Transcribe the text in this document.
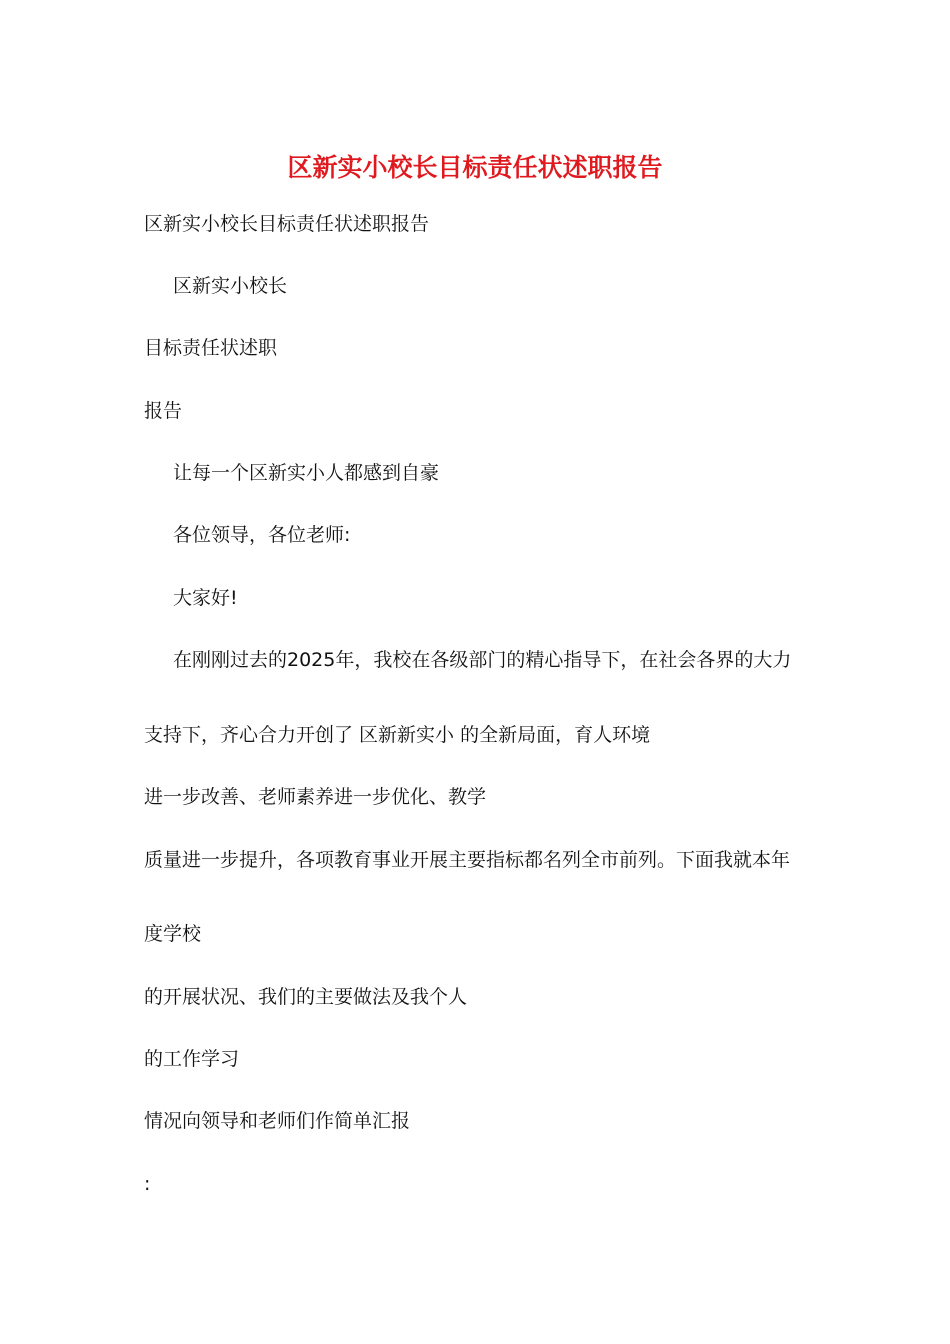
区新实小校长目标责任状述职报告

区新实小校长目标责任状述职报告

区新实小校长

目标责任状述职

报告

让每一个区新实小人都感到自豪

各位领导，各位老师:

大家好!

在刚刚过去的2025年，我校在各级部门的精心指导下，在社会各界的大力

支持下，齐心合力开创了 区新新实小 的全新局面，育人环境

进一步改善、老师素养进一步优化、教学

质量进一步提升，各项教育事业开展主要指标都名列全市前列。下面我就本年

度学校

的开展状况、我们的主要做法及我个人

的工作学习

情况向领导和老师们作简单汇报

:
